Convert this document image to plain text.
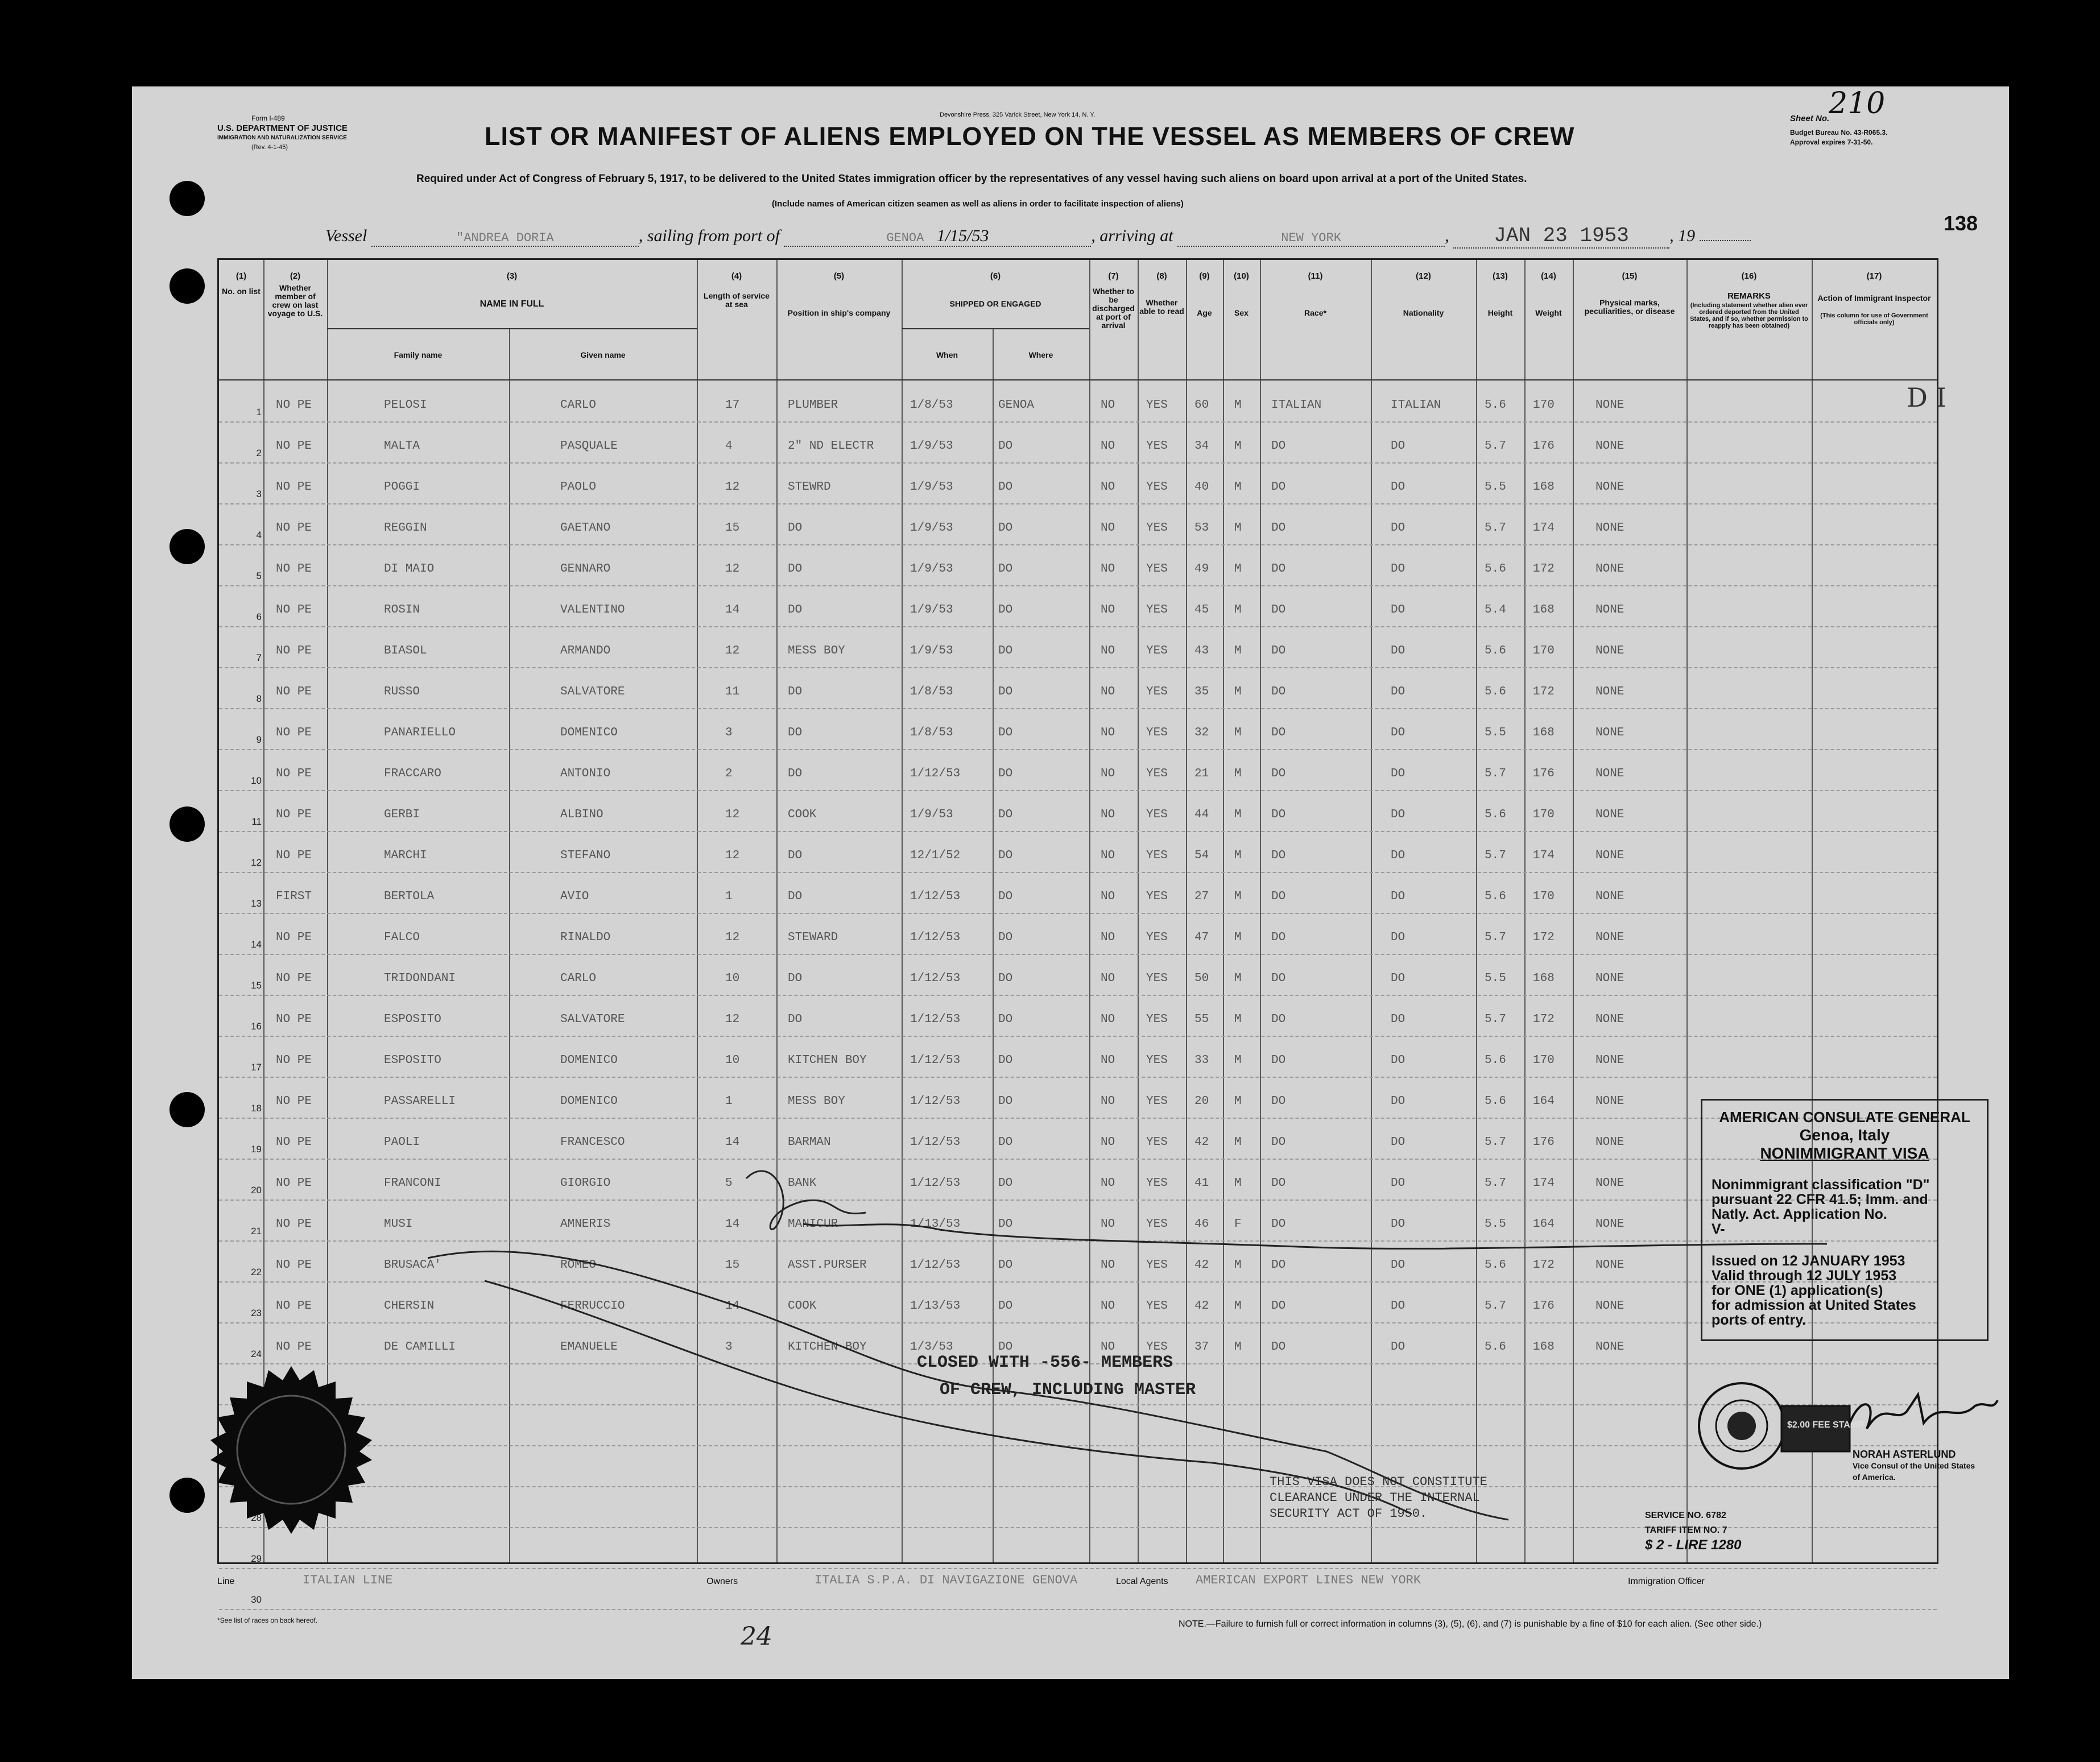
Form I-489
U.S. DEPARTMENT OF JUSTICE
IMMIGRATION AND NATURALIZATION SERVICE
(Rev. 4-1-45)
Devonshire Press, 325 Varick Street, New York 14, N. Y.
LIST OR MANIFEST OF ALIENS EMPLOYED ON THE VESSEL AS MEMBERS OF CREW
Sheet No.
210
Budget Bureau No. 43-R065.3.
Approval expires 7-31-50.
Required under Act of Congress of February 5, 1917, to be delivered to the United States immigration officer by the representatives of any vessel having such aliens on board upon arrival at a port of the United States.
(Include names of American citizen seamen as well as aliens in order to facilitate inspection of aliens)
Vessel	"ANDREA DORIA	, sailing from port of	GENOA 1/15/53	, arriving at	NEW YORK	, JAN 23 1953 , 19
138
(1)
No. on list
(2)
Whether member of crew on last voyage to U.S.
(3)
NAME IN FULL
Family name	Given name
(4)
Length of service at sea
(5)
Position in ship's company
(6)
SHIPPED OR ENGAGED
When	Where
(7)
Whether to be discharged at port of arrival
(8)
Whether able to read
(9)
Age
(10)
Sex
(11)
Race*
(12)
Nationality
(13)
Height
(14)
Weight
(15)
Physical marks, peculiarities, or disease
(16)
REMARKS
(Including statement whether alien ever ordered deported from the United States, and if so, whether permission to reapply has been obtained)
(17)
Action of Immigrant Inspector
(This column for use of Government officials only)
1
NO PE	PELOSI	CARLO	17	PLUMBER	1/8/53	GENOA	NO	YES 60 M ITALIAN	ITALIAN	5.6 170	NONE
2
NO PE	MALTA	PASQUALE	4	2" ND ELECTR	1/9/53	DO	NO	YES 34 M DO	DO	5.7 176	NONE
3
NO PE	POGGI	PAOLO	12	STEWRD	1/9/53	DO	NO	YES 40 M DO	DO	5.5 168	NONE
4
NO PE	REGGIN	GAETANO	15	DO	1/9/53	DO	NO	YES 53 M DO	DO	5.7 174	NONE
5
NO PE	DI MAIO	GENNARO	12	DO	1/9/53	DO	NO	YES 49 M DO	DO	5.6 172	NONE
6
NO PE	ROSIN	VALENTINO	14	DO	1/9/53	DO	NO	YES 45 M DO	DO	5.4 168	NONE
7
NO PE	BIASOL	ARMANDO	12	MESS BOY	1/9/53	DO	NO	YES 43 M DO	DO	5.6 170	NONE
8
NO PE	RUSSO	SALVATORE	11	DO	1/8/53	DO	NO	YES 35 M DO	DO	5.6 172	NONE
9
NO PE	PANARIELLO	DOMENICO	3	DO	1/8/53	DO	NO	YES 32 M DO	DO	5.5 168	NONE
10
NO PE	FRACCARO	ANTONIO	2	DO	1/12/53	DO	NO	YES 21 M DO	DO	5.7 176	NONE
11
NO PE	GERBI	ALBINO	12	COOK	1/9/53	DO	NO	YES 44 M DO	DO	5.6 170	NONE
12
NO PE	MARCHI	STEFANO	12	DO	12/1/52	DO	NO	YES 54 M DO	DO	5.7 174	NONE
13
FIRST	BERTOLA	AVIO	1	DO	1/12/53	DO	NO	YES 27 M DO	DO	5.6 170	NONE
14
NO PE	FALCO	RINALDO	12	STEWARD	1/12/53	DO	NO	YES 47 M DO	DO	5.7 172	NONE
15
NO PE	TRIDONDANI	CARLO	10	DO	1/12/53	DO	NO	YES 50 M DO	DO	5.5 168	NONE
16
NO PE	ESPOSITO	SALVATORE	12	DO	1/12/53	DO	NO	YES 55 M DO	DO	5.7 172	NONE
17
NO PE	ESPOSITO	DOMENICO	10	KITCHEN BOY	1/12/53	DO	NO	YES 33 M DO	DO	5.6 170	NONE
18
NO PE	PASSARELLI	DOMENICO	1	MESS BOY	1/12/53	DO	NO	YES 20 M DO	DO	5.6 164	NONE
19
NO PE	PAOLI	FRANCESCO	14	BARMAN	1/12/53	DO	NO	YES 42 M DO	DO	5.7 176	NONE
20
NO PE	FRANCONI	GIORGIO	5	BANK	1/12/53	DO	NO	YES 41 M DO	DO	5.7 174	NONE
21
NO PE	MUSI	AMNERIS	14	MANICUR	1/13/53	DO	NO	YES 46 F DO	DO	5.5 164	NONE
22
NO PE	BRUSACA'	ROMEO	15	ASST.PURSER	1/12/53	DO	NO	YES 42 M DO	DO	5.6 172	NONE
23
NO PE	CHERSIN	FERRUCCIO	14	COOK	1/13/53	DO	NO	YES 42 M DO	DO	5.7 176	NONE
24
NO PE	DE CAMILLI	EMANUELE	3	KITCHEN BOY	1/3/53	DO	NO	YES 37 M DO	DO	5.6 168	NONE
28
29
30
D I
CLOSED WITH -556- MEMBERS
OF CREW, INCLUDING MASTER
THIS VISA DOES NOT CONSTITUTE
CLEARANCE UNDER THE INTERNAL
SECURITY ACT OF 1950.
AMERICAN CONSULATE GENERAL
Genoa, Italy
NONIMMIGRANT VISA
Nonimmigrant classification "D"
pursuant 22 CFR 41.5; Imm. and
Natly. Act. Application No.
V-
Issued on 12 JANUARY 1953
Valid through 12 JULY 1953
for ONE (1) application(s)
for admission at United States
ports of entry.
$2.00 FEE STAMP
NORAH ASTERLUND
Vice Consul of the United States of America.
SERVICE NO. 6782
TARIFF ITEM NO. 7
$ 2 - LIRE 1280
Line	ITALIAN LINE	Owners	ITALIA S.P.A. DI NAVIGAZIONE GENOVA	Local Agents AMERICAN EXPORT LINES NEW YORK	Immigration Officer
*See list of races on back hereof.	NOTE.—Failure to furnish full or correct information in columns (3), (5), (6), and (7) is punishable by a fine of $10 for each alien. (See other side.)
24
